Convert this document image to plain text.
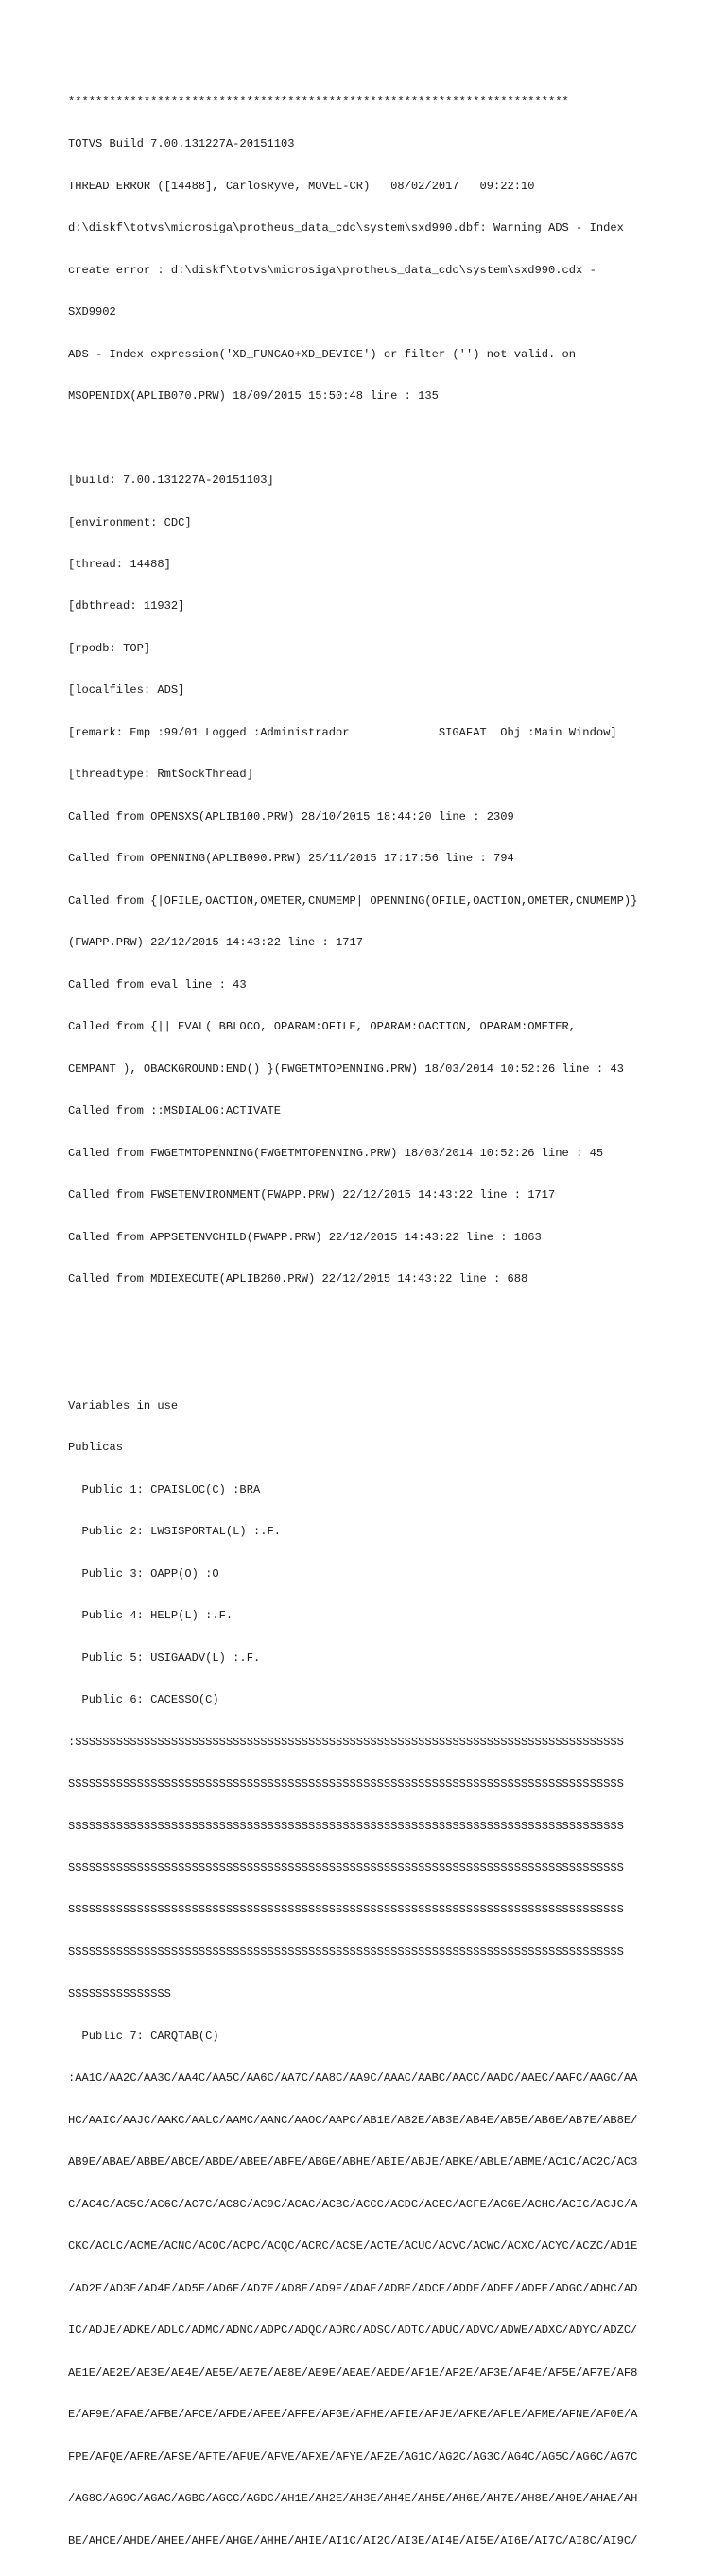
*************************************************************************

TOTVS Build 7.00.131227A-20151103

THREAD ERROR ([14488], CarlosRyve, MOVEL-CR)   08/02/2017   09:22:10

d:\diskf\totvs\microsiga\protheus_data_cdc\system\sxd990.dbf: Warning ADS - Index

create error : d:\diskf\totvs\microsiga\protheus_data_cdc\system\sxd990.cdx -

SXD9902

ADS - Index expression('XD_FUNCAO+XD_DEVICE') or filter ('') not valid. on

MSOPENIDX(APLIB070.PRW) 18/09/2015 15:50:48 line : 135

[build: 7.00.131227A-20151103]

[environment: CDC]

[thread: 14488]

[dbthread: 11932]

[rpodb: TOP]

[localfiles: ADS]

[remark: Emp :99/01 Logged :Administrador             SIGAFAT  Obj :Main Window]

[threadtype: RmtSockThread]

Called from OPENSXS(APLIB100.PRW) 28/10/2015 18:44:20 line : 2309

Called from OPENNING(APLIB090.PRW) 25/11/2015 17:17:56 line : 794

Called from {|OFILE,OACTION,OMETER,CNUMEMP| OPENNING(OFILE,OACTION,OMETER,CNUMEMP)}

(FWAPP.PRW) 22/12/2015 14:43:22 line : 1717

Called from eval line : 43

Called from {|| EVAL( BBLOCO, OPARAM:OFILE, OPARAM:OACTION, OPARAM:OMETER,

CEMPANT ), OBACKGROUND:END() }(FWGETMTOPENNING.PRW) 18/03/2014 10:52:26 line : 43

Called from ::MSDIALOG:ACTIVATE

Called from FWGETMTOPENNING(FWGETMTOPENNING.PRW) 18/03/2014 10:52:26 line : 45

Called from FWSETENVIRONMENT(FWAPP.PRW) 22/12/2015 14:43:22 line : 1717

Called from APPSETENVCHILD(FWAPP.PRW) 22/12/2015 14:43:22 line : 1863

Called from MDIEXECUTE(APLIB260.PRW) 22/12/2015 14:43:22 line : 688

Variables in use

Publicas

Public 1: CPAISLOC(C) :BRA

Public 2: LWSISPORTAL(L) :.F.

Public 3: OAPP(O) :O

Public 4: HELP(L) :.F.

Public 5: USIGAADV(L) :.F.

Public 6: CACESSO(C)

:SSSSSSSSSSSSSSSSSSSSSSSSSSSSSSSSSSSSSSSSSSSSSSSSSSSSSSSSSSSSSSSSSSSSSSSSSSSSSSSS

SSSSSSSSSSSSSSSSSSSSSSSSSSSSSSSSSSSSSSSSSSSSSSSSSSSSSSSSSSSSSSSSSSSSSSSSSSSSSSSSS

SSSSSSSSSSSSSSSSSSSSSSSSSSSSSSSSSSSSSSSSSSSSSSSSSSSSSSSSSSSSSSSSSSSSSSSSSSSSSSSSS

SSSSSSSSSSSSSSSSSSSSSSSSSSSSSSSSSSSSSSSSSSSSSSSSSSSSSSSSSSSSSSSSSSSSSSSSSSSSSSSSS

SSSSSSSSSSSSSSSSSSSSSSSSSSSSSSSSSSSSSSSSSSSSSSSSSSSSSSSSSSSSSSSSSSSSSSSSSSSSSSSSS

SSSSSSSSSSSSSSSSSSSSSSSSSSSSSSSSSSSSSSSSSSSSSSSSSSSSSSSSSSSSSSSSSSSSSSSSSSSSSSSSS

SSSSSSSSSSSSSSS

Public 7: CARQTAB(C)

:AA1C/AA2C/AA3C/AA4C/AA5C/AA6C/AA7C/AA8C/AA9C/AAAC/AABC/AACC/AADC/AAEC/AAFC/AAGC/AA

HC/AAIC/AAJC/AAKC/AALC/AAMC/AANC/AAOC/AAPC/AB1E/AB2E/AB3E/AB4E/AB5E/AB6E/AB7E/AB8E/

AB9E/ABAE/ABBE/ABCE/ABDE/ABEE/ABFE/ABGE/ABHE/ABIE/ABJE/ABKE/ABLE/ABME/AC1C/AC2C/AC3

C/AC4C/AC5C/AC6C/AC7C/AC8C/AC9C/ACAC/ACBC/ACCC/ACDC/ACEC/ACFE/ACGE/ACHC/ACIC/ACJC/A

CKC/ACLC/ACME/ACNC/ACOC/ACPC/ACQC/ACRC/ACSE/ACTE/ACUC/ACVC/ACWC/ACXC/ACYC/ACZC/AD1E

/AD2E/AD3E/AD4E/AD5E/AD6E/AD7E/AD8E/AD9E/ADAE/ADBE/ADCE/ADDE/ADEE/ADFE/ADGC/ADHC/AD

IC/ADJE/ADKE/ADLC/ADMC/ADNC/ADPC/ADQC/ADRC/ADSC/ADTC/ADUC/ADVC/ADWE/ADXC/ADYC/ADZC/

AE1E/AE2E/AE3E/AE4E/AE5E/AE7E/AE8E/AE9E/AEAE/AEDE/AF1E/AF2E/AF3E/AF4E/AF5E/AF7E/AF8

E/AF9E/AFAE/AFBE/AFCE/AFDE/AFEE/AFFE/AFGE/AFHE/AFIE/AFJE/AFKE/AFLE/AFME/AFNE/AF0E/A

FPE/AFQE/AFRE/AFSE/AFTE/AFUE/AFVE/AFXE/AFYE/AFZE/AG1C/AG2C/AG3C/AG4C/AG5C/AG6C/AG7C

/AG8C/AG9C/AGAC/AGBC/AGCC/AGDC/AH1E/AH2E/AH3E/AH4E/AH5E/AH6E/AH7E/AH8E/AH9E/AHAE/AH

BE/AHCE/AHDE/AHEE/AHFE/AHGE/AHHE/AHIE/AI1C/AI2C/AI3E/AI4E/AI5E/AI6E/AI7C/AI8C/AI9C/
